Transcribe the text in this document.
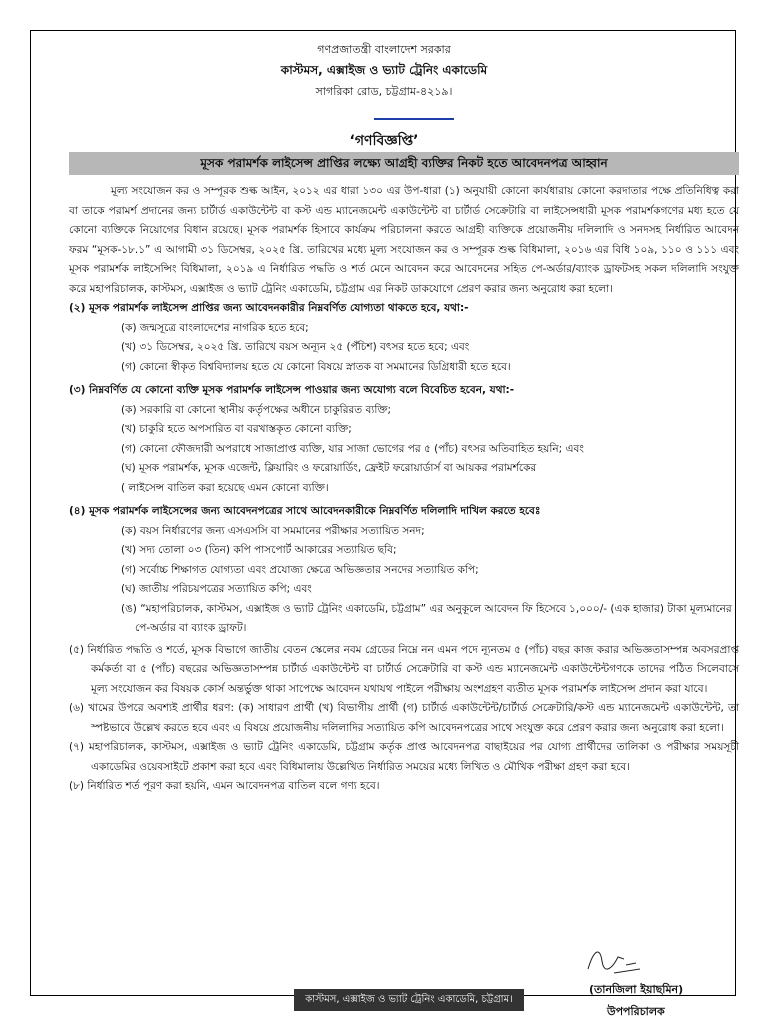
গণপ্রজাতন্ত্রী বাংলাদেশ সরকার
কাস্টমস, এক্সাইজ ও ভ্যাট ট্রেনিং একাডেমি
সাগরিকা রোড, চট্টগ্রাম-৪২১৯।
‘গণবিজ্ঞপ্তি’
মূসক পরামর্শক লাইসেন্স প্রাপ্তির লক্ষ্যে আগ্রহী ব্যক্তির নিকট হতে আবেদনপত্র আহ্বান

মূল্য সংযোজন কর ও সম্পূরক শুল্ক আইন, ২০১২ এর ধারা ১৩০ এর উপ-ধারা (১) অনুযায়ী কোনো কার্যধারায় কোনো করদাতার পক্ষে প্রতিনিধিত্ব করা বা তাকে পরামর্শ প্রদানের জন্য চার্টার্ড একাউন্টেন্ট বা কস্ট এন্ড ম্যানেজমেন্ট একাউন্টেন্ট বা চার্টার্ড সেক্রেটারি বা লাইসেন্সধারী মূসক পরামর্শকগণের মধ্য হতে যে কোনো ব্যক্তিকে নিয়োগের বিধান রয়েছে। মূসক পরামর্শক হিসাবে কার্যক্রম পরিচালনা করতে আগ্রহী ব্যক্তিকে প্রয়োজনীয় দলিলাদি ও সনদসহ নির্ধারিত আবেদন ফরম “মূসক-১৮.১” এ আগামী ৩১ ডিসেম্বর, ২০২৫ খ্রি. তারিখের মধ্যে মূল্য সংযোজন কর ও সম্পূরক শুল্ক বিধিমালা, ২০১৬ এর বিধি ১০৯, ১১০ ও ১১১ এবং মূসক পরামর্শক লাইসেন্সিং বিধিমালা, ২০১৯ এ নির্ধারিত পদ্ধতি ও শর্ত মেনে আবেদন করে আবেদনের সহিত পে-অর্ডার/ব্যাংক ড্রাফটসহ সকল দলিলাদি সংযুক্ত করে মহাপরিচালক, কাস্টমস, এক্সাইজ ও ভ্যাট ট্রেনিং একাডেমি, চট্টগ্রাম এর নিকট ডাকযোগে প্রেরণ করার জন্য অনুরোধ করা হলো।

(২) মূসক পরামর্শক লাইসেন্স প্রাপ্তির জন্য আবেদনকারীর নিম্নবর্ণিত যোগ্যতা থাকতে হবে, যথা:-

(ক) জন্মসূত্রে বাংলাদেশের নাগরিক হতে হবে;

(খ) ৩১ ডিসেম্বর, ২০২৫ খ্রি. তারিখে বয়স অন্যূন ২৫ (পঁচিশ) বৎসর হতে হবে; এবং

(গ) কোনো স্বীকৃত বিশ্ববিদ্যালয় হতে যে কোনো বিষয়ে স্নাতক বা সমমানের ডিগ্রিধারী হতে হবে।

(৩) নিম্নবর্ণিত যে কোনো ব্যক্তি মূসক পরামর্শক লাইসেন্স পাওয়ার জন্য অযোগ্য বলে বিবেচিত হবেন, যথা:-

(ক) সরকারি বা কোনো স্থানীয় কর্তৃপক্ষের অধীনে চাকুরিরত ব্যক্তি;

(খ) চাকুরি হতে অপসারিত বা বরখাস্তকৃত কোনো ব্যক্তি;

(গ) কোনো ফৌজদারী অপরাধে সাজাপ্রাপ্ত ব্যক্তি, যার সাজা ভোগের পর ৫ (পাঁচ) বৎসর অতিবাহিত হয়নি; এবং

(ঘ) মূসক পরামর্শক, মূসক এজেন্ট, ক্লিয়ারিং ও ফরোয়ার্ডিং, ফ্রেইট ফরোয়ার্ডার্স বা আয়কর পরামর্শকের

( লাইসেন্স বাতিল করা হয়েছে এমন কোনো ব্যক্তি।

(৪) মূসক পরামর্শক লাইসেন্সের জন্য আবেদনপত্রের সাথে আবেদনকারীকে নিম্নবর্ণিত দলিলাদি দাখিল করতে হবেঃ

(ক) বয়স নির্ধারণের জন্য এসএসসি বা সমমানের পরীক্ষার সত্যায়িত সনদ;

(খ) সদ্য তোলা ০৩ (তিন) কপি পাসপোর্ট আকারের সত্যায়িত ছবি;

(গ) সর্বোচ্চ শিক্ষাগত যোগ্যতা এবং প্রযোজ্য ক্ষেত্রে অভিজ্ঞতার সনদের সত্যায়িত কপি;

(ঘ) জাতীয় পরিচয়পত্রের সত্যায়িত কপি; এবং

(ঙ) “মহাপরিচালক, কাস্টমস, এক্সাইজ ও ভ্যাট ট্রেনিং একাডেমি, চট্টগ্রাম” এর অনুকূলে আবেদন ফি হিসেবে ১,০০০/- (এক হাজার) টাকা মূল্যমানের পে-অর্ডার বা ব্যাংক ড্রাফট।

(৫) নির্ধারিত পদ্ধতি ও শর্তে, মূসক বিভাগে জাতীয় বেতন স্কেলের নবম গ্রেডের নিম্নে নন এমন পদে ন্যূনতম ৫ (পাঁচ) বছর কাজ করার অভিজ্ঞতাসম্পন্ন অবসরপ্রাপ্ত কর্মকর্তা বা ৫ (পাঁচ) বছরের অভিজ্ঞতাসম্পন্ন চার্টার্ড একাউন্টেন্ট বা চার্টার্ড সেক্রেটারি বা কস্ট এন্ড ম্যানেজমেন্ট একাউন্টেন্টগণকে তাদের পঠিত সিলেবাসে মূল্য সংযোজন কর বিষয়ক কোর্স অন্তর্ভুক্ত থাকা সাপেক্ষে আবেদন যথাযথ পাইলে পরীক্ষায় অংশগ্রহণ ব্যতীত মূসক পরামর্শক লাইসেন্স প্রদান করা যাবে।

(৬) খামের উপরে অবশ্যই প্রার্থীর ধরণ: (ক) সাধারণ প্রার্থী (খ) বিভাগীয় প্রার্থী (গ) চার্টার্ড একাউন্টেন্ট/চার্টার্ড সেক্রেটারি/কস্ট এন্ড ম্যানেজমেন্ট একাউন্টেন্ট, তা স্পষ্টভাবে উল্লেখ করতে হবে এবং এ বিষয়ে প্রয়োজনীয় দলিলাদির সত্যায়িত কপি আবেদনপত্রের সাথে সংযুক্ত করে প্রেরণ করার জন্য অনুরোধ করা হলো।

(৭) মহাপরিচালক, কাস্টমস, এক্সাইজ ও ভ্যাট ট্রেনিং একাডেমি, চট্টগ্রাম কর্তৃক প্রাপ্ত আবেদনপত্র বাছাইয়ের পর যোগ্য প্রার্থীদের তালিকা ও পরীক্ষার সময়সূচী একাডেমির ওয়েবসাইটে প্রকাশ করা হবে এবং বিধিমালায় উল্লেখিত নির্ধারিত সময়ের মধ্যে লিখিত ও মৌখিক পরীক্ষা গ্রহণ করা হবে।

(৮) নির্ধারিত শর্ত পূরণ করা হয়নি, এমন আবেদনপত্র বাতিল বলে গণ্য হবে।

কাস্টমস, এক্সাইজ ও ভ্যাট ট্রেনিং একাডেমি, চট্টগ্রাম।
(তানজিলা ইয়াছমিন)
উপপরিচালক
